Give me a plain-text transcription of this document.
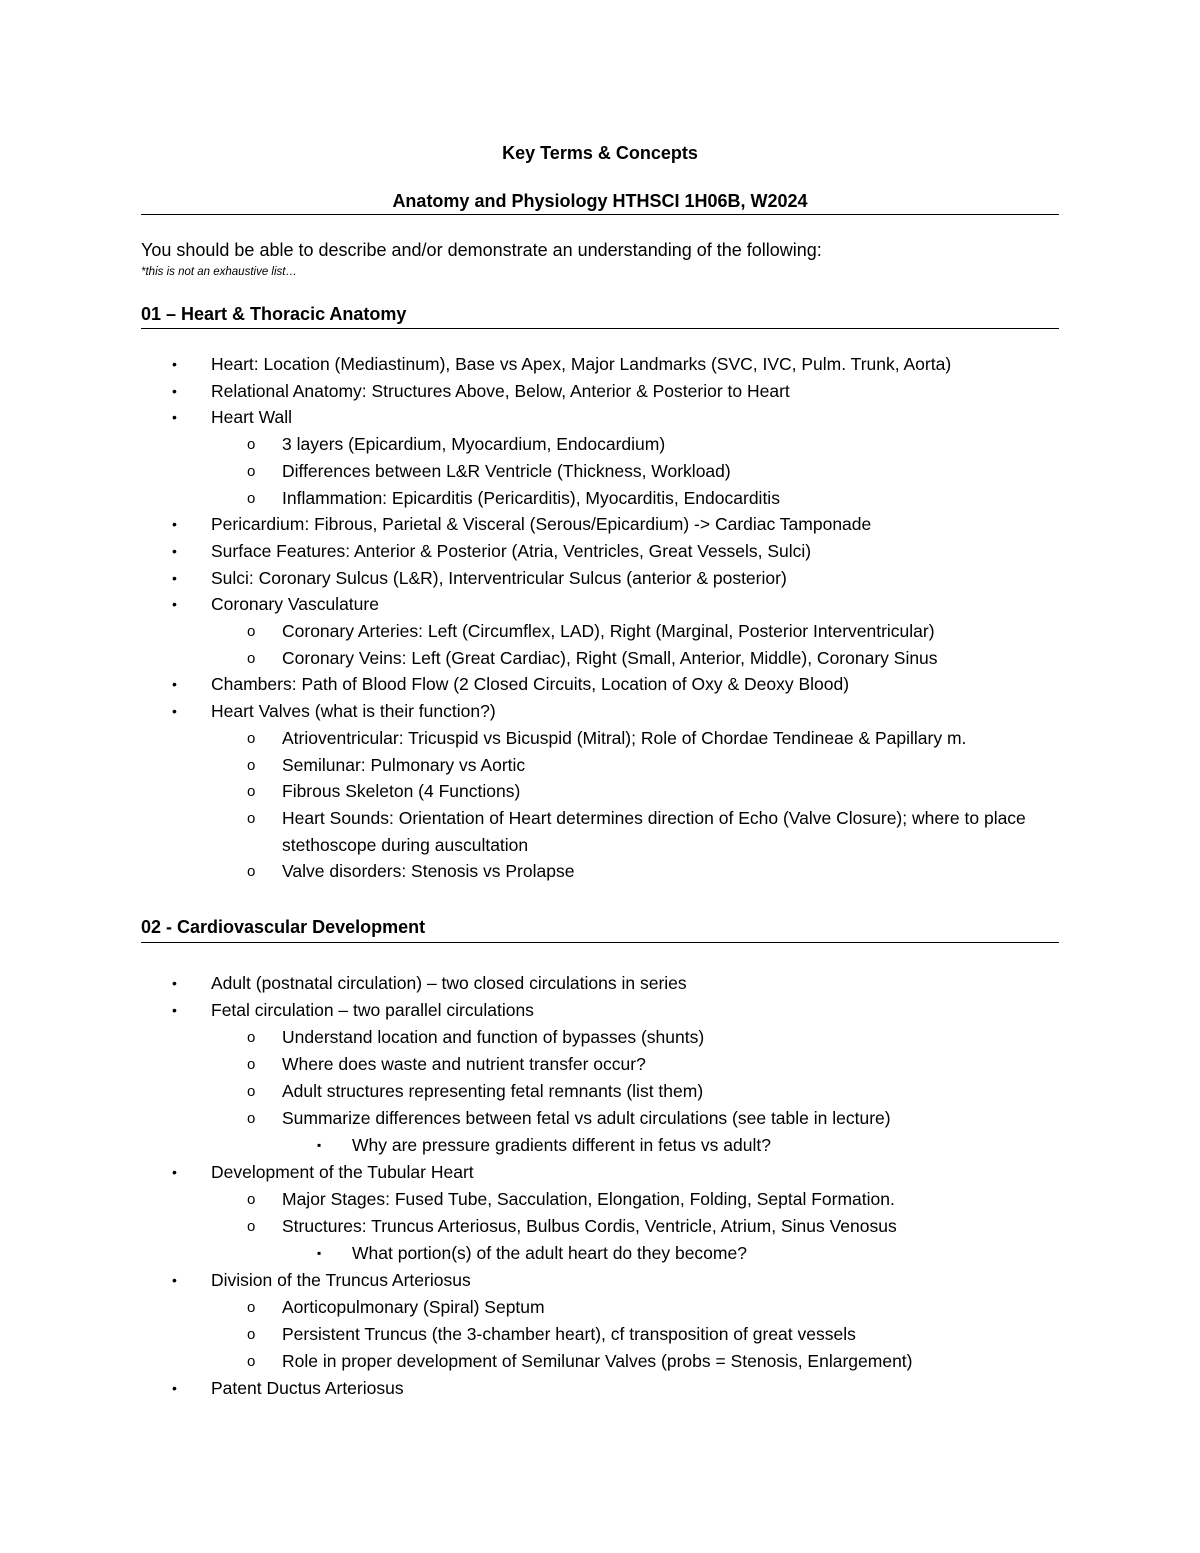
Key Terms & Concepts
Anatomy and Physiology HTHSCI 1H06B, W2024
You should be able to describe and/or demonstrate an understanding of the following:
*this is not an exhaustive list…
01 – Heart & Thoracic Anatomy
• Heart: Location (Mediastinum), Base vs Apex, Major Landmarks (SVC, IVC, Pulm. Trunk, Aorta)
• Relational Anatomy: Structures Above, Below, Anterior & Posterior to Heart
• Heart Wall
o 3 layers (Epicardium, Myocardium, Endocardium)
o Differences between L&R Ventricle (Thickness, Workload)
o Inflammation: Epicarditis (Pericarditis), Myocarditis, Endocarditis
• Pericardium: Fibrous, Parietal & Visceral (Serous/Epicardium) -> Cardiac Tamponade
• Surface Features: Anterior & Posterior (Atria, Ventricles, Great Vessels, Sulci)
• Sulci: Coronary Sulcus (L&R), Interventricular Sulcus (anterior & posterior)
• Coronary Vasculature
o Coronary Arteries: Left (Circumflex, LAD), Right (Marginal, Posterior Interventricular)
o Coronary Veins: Left (Great Cardiac), Right (Small, Anterior, Middle), Coronary Sinus
• Chambers: Path of Blood Flow (2 Closed Circuits, Location of Oxy & Deoxy Blood)
• Heart Valves (what is their function?)
o Atrioventricular: Tricuspid vs Bicuspid (Mitral); Role of Chordae Tendineae & Papillary m.
o Semilunar: Pulmonary vs Aortic
o Fibrous Skeleton (4 Functions)
o Heart Sounds: Orientation of Heart determines direction of Echo (Valve Closure); where to place stethoscope during auscultation
o Valve disorders: Stenosis vs Prolapse
02 - Cardiovascular Development
• Adult (postnatal circulation) – two closed circulations in series
• Fetal circulation – two parallel circulations
o Understand location and function of bypasses (shunts)
o Where does waste and nutrient transfer occur?
o Adult structures representing fetal remnants (list them)
o Summarize differences between fetal vs adult circulations (see table in lecture)
▪ Why are pressure gradients different in fetus vs adult?
• Development of the Tubular Heart
o Major Stages: Fused Tube, Sacculation, Elongation, Folding, Septal Formation.
o Structures: Truncus Arteriosus, Bulbus Cordis, Ventricle, Atrium, Sinus Venosus
▪ What portion(s) of the adult heart do they become?
• Division of the Truncus Arteriosus
o Aorticopulmonary (Spiral) Septum
o Persistent Truncus (the 3-chamber heart), cf transposition of great vessels
o Role in proper development of Semilunar Valves (probs = Stenosis, Enlargement)
• Patent Ductus Arteriosus
